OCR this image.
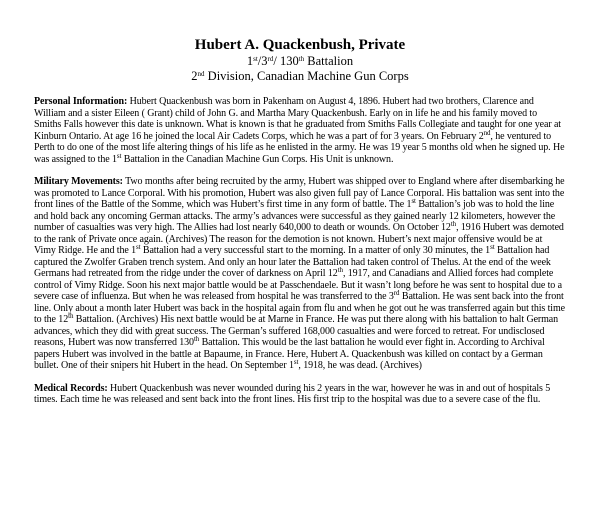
Hubert A. Quackenbush, Private
1st/3rd/ 130th Battalion
2nd Division, Canadian Machine Gun Corps

Personal Information: Hubert Quackenbush was born in Pakenham on August 4, 1896. Hubert had two brothers, Clarence and William and a sister Eileen ( Grant) child of John G. and Martha Mary Quackenbush. Early on in life he and his family moved to Smiths Falls however this date is unknown. What is known is that he graduated from Smiths Falls Collegiate and taught for one year at Kinburn Ontario. At age 16 he joined the local Air Cadets Corps, which he was a part of for 3 years. On February 2nd, he ventured to Perth to do one of the most life altering things of his life as he enlisted in the army. He was 19 year 5 months old when he signed up. He was assigned to the 1st Battalion in the Canadian Machine Gun Corps. His Unit is unknown.

Military Movements: Two months after being recruited by the army, Hubert was shipped over to England where after disembarking he was promoted to Lance Corporal. With his promotion, Hubert was also given full pay of Lance Corporal. His battalion was sent into the front lines of the Battle of the Somme, which was Hubert’s first time in any form of battle. The 1st Battalion’s job was to hold the line and hold back any oncoming German attacks. The army’s advances were successful as they gained nearly 12 kilometers, however the number of casualties was very high. The Allies had lost nearly 640,000 to death or wounds. On October 12th, 1916 Hubert was demoted to the rank of Private once again. (Archives) The reason for the demotion is not known. Hubert’s next major offensive would be at Vimy Ridge. He and the 1st Battalion had a very successful start to the morning. In a matter of only 30 minutes, the 1st Battalion had captured the Zwolfer Graben trench system. And only an hour later the Battalion had taken control of Thelus. At the end of the week Germans had retreated from the ridge under the cover of darkness on April 12th, 1917, and Canadians and Allied forces had complete control of Vimy Ridge. Soon his next major battle would be at Passchendaele. But it wasn’t long before he was sent to hospital due to a severe case of influenza. But when he was released from hospital he was transferred to the 3rd Battalion. He was sent back into the front line. Only about a month later Hubert was back in the hospital again from flu and when he got out he was transferred again but this time to the 12th Battalion. (Archives) His next battle would be at Marne in France. He was put there along with his battalion to halt German advances, which they did with great success. The German’s suffered 168,000 casualties and were forced to retreat. For undisclosed reasons, Hubert was now transferred 130th Battalion. This would be the last battalion he would ever fight in. According to Archival papers Hubert was involved in the battle at Bapaume, in France. Here, Hubert A. Quackenbush was killed on contact by a German bullet. One of their snipers hit Hubert in the head. On September 1st, 1918, he was dead. (Archives)

Medical Records: Hubert Quackenbush was never wounded during his 2 years in the war, however he was in and out of hospitals 5 times. Each time he was released and sent back into the front lines. His first trip to the hospital was due to a severe case of the flu.
